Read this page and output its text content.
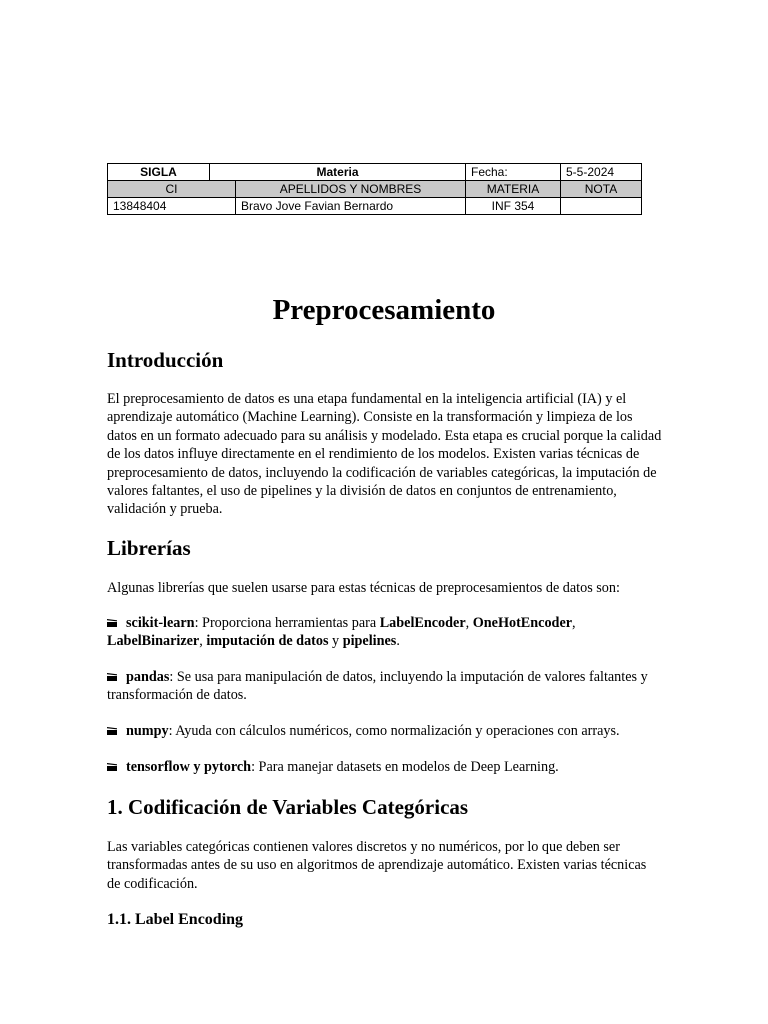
SIGLA	Materia		Fecha:	5-5-2024
CI		APELLIDOS Y NOMBRES	MATERIA	NOTA
13848404		Bravo Jove Favian Bernardo	INF 354	
Preprocesamiento
Introducción

El preprocesamiento de datos es una etapa fundamental en la inteligencia artificial (IA) y el aprendizaje automático (Machine Learning). Consiste en la transformación y limpieza de los datos en un formato adecuado para su análisis y modelado. Esta etapa es crucial porque la calidad de los datos influye directamente en el rendimiento de los modelos. Existen varias técnicas de preprocesamiento de datos, incluyendo la codificación de variables categóricas, la imputación de valores faltantes, el uso de pipelines y la división de datos en conjuntos de entrenamiento, validación y prueba.

Librerías

Algunas librerías que suelen usarse para estas técnicas de preprocesamientos de datos son:

scikit-learn: Proporciona herramientas para LabelEncoder, OneHotEncoder, LabelBinarizer, imputación de datos y pipelines.

pandas: Se usa para manipulación de datos, incluyendo la imputación de valores faltantes y transformación de datos.

numpy: Ayuda con cálculos numéricos, como normalización y operaciones con arrays.

tensorflow y pytorch: Para manejar datasets en modelos de Deep Learning.

1. Codificación de Variables Categóricas

Las variables categóricas contienen valores discretos y no numéricos, por lo que deben ser transformadas antes de su uso en algoritmos de aprendizaje automático. Existen varias técnicas de codificación.

1.1. Label Encoding
